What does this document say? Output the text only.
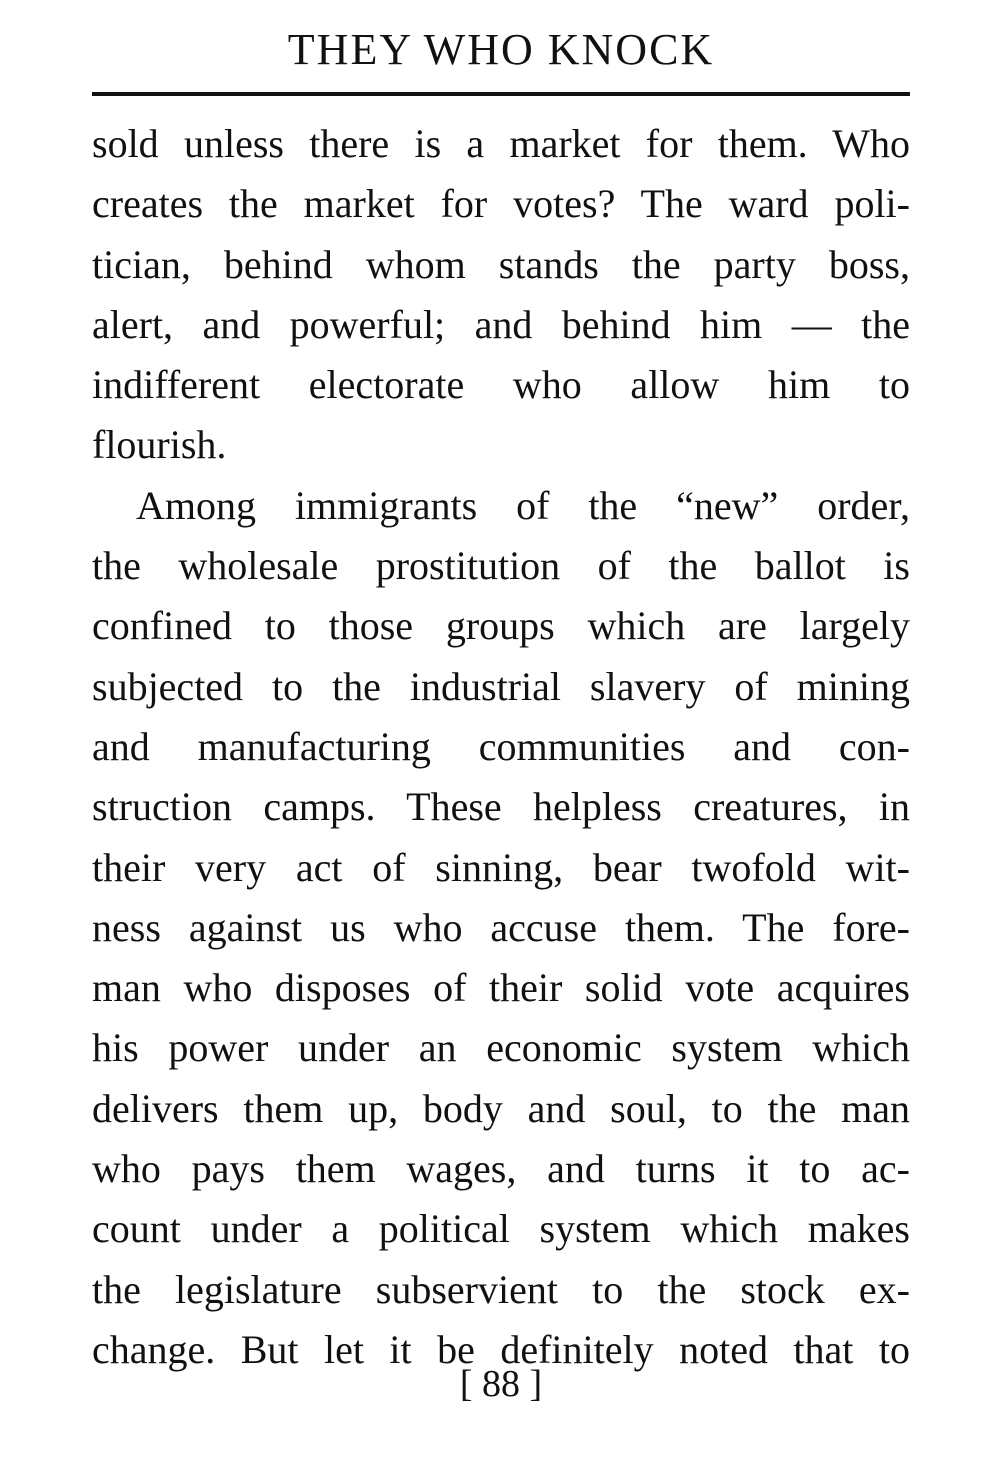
THEY WHO KNOCK
sold unless there is a market for them. Who
creates the market for votes? The ward poli-
tician, behind whom stands the party boss,
alert, and powerful; and behind him — the
indifferent electorate who allow him to
flourish.
Among immigrants of the “new” order,
the wholesale prostitution of the ballot is
confined to those groups which are largely
subjected to the industrial slavery of mining
and manufacturing communities and con-
struction camps. These helpless creatures, in
their very act of sinning, bear twofold wit-
ness against us who accuse them. The fore-
man who disposes of their solid vote acquires
his power under an economic system which
delivers them up, body and soul, to the man
who pays them wages, and turns it to ac-
count under a political system which makes
the legislature subservient to the stock ex-
change. But let it be definitely noted that to
[ 88 ]
